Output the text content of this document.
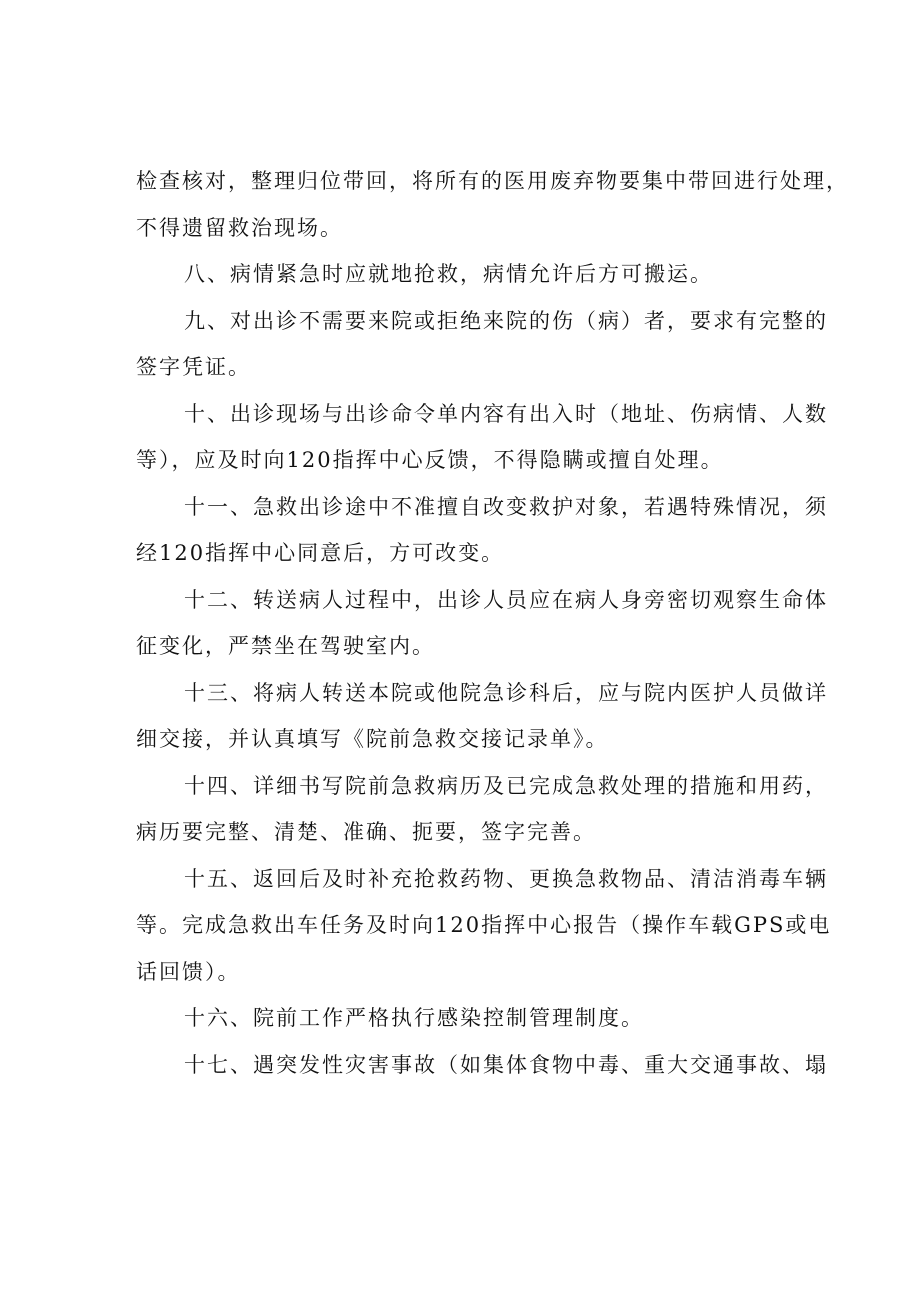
检查核对，整理归位带回，将所有的医用废弃物要集中带回进行处理，
不得遗留救治现场。
八、病情紧急时应就地抢救，病情允许后方可搬运。
九、对出诊不需要来院或拒绝来院的伤（病）者，要求有完整的
签字凭证。
十、出诊现场与出诊命令单内容有出入时（地址、伤病情、人数
等），应及时向120指挥中心反馈，不得隐瞒或擅自处理。
十一、急救出诊途中不准擅自改变救护对象，若遇特殊情况，须
经120指挥中心同意后，方可改变。
十二、转送病人过程中，出诊人员应在病人身旁密切观察生命体
征变化，严禁坐在驾驶室内。
十三、将病人转送本院或他院急诊科后，应与院内医护人员做详
细交接，并认真填写《院前急救交接记录单》。
十四、详细书写院前急救病历及已完成急救处理的措施和用药，
病历要完整、清楚、准确、扼要，签字完善。
十五、返回后及时补充抢救药物、更换急救物品、清洁消毒车辆
等。完成急救出车任务及时向120指挥中心报告（操作车载GPS或电
话回馈）。
十六、院前工作严格执行感染控制管理制度。
十七、遇突发性灾害事故（如集体食物中毒、重大交通事故、塌
